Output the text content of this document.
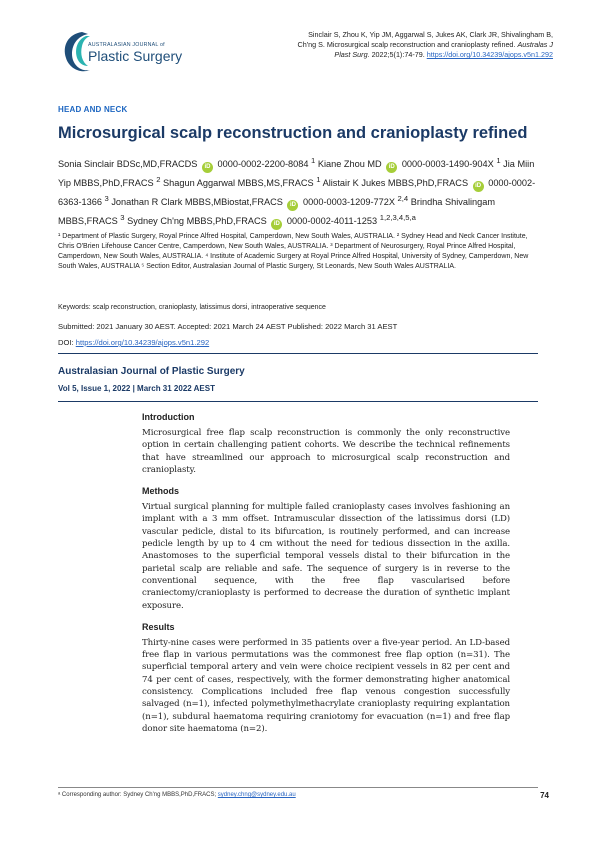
AUSTRALASIAN JOURNAL of
Plastic Surgery
Sinclair S, Zhou K, Yip JM, Aggarwal S, Jukes AK, Clark JR, Shivalingham B, Ch'ng S. Microsurgical scalp reconstruction and cranioplasty refined. Australas J Plast Surg. 2022;5(1):74-79. https://doi.org/10.34239/ajops.v5n1.292
HEAD AND NECK
Microsurgical scalp reconstruction and cranioplasty refined
Sonia Sinclair BDSc,MD,FRACDS iD 0000-0002-2200-8084 $^1$ Kiane Zhou MD iD 0000-0003-1490-904X $^1$ Jia Miin Yip MBBS,PhD,FRACS $^2$ Shagun Aggarwal MBBS,MS,FRACS $^1$ Alistair K Jukes MBBS,PhD,FRACS iD 0000-0002-6363-1366 $^3$ Jonathan R Clark MBBS,MBiostat,FRACS iD 0000-0003-1209-772X $^{2,4}$ Brindha Shivalingam MBBS,FRACS $^3$ Sydney Ch'ng MBBS,PhD,FRACS iD 0000-0002-4011-1253 $^{1,2,3,4,5,a}$
¹ Department of Plastic Surgery, Royal Prince Alfred Hospital, Camperdown, New South Wales, AUSTRALIA. ² Sydney Head and Neck Cancer Institute, Chris O'Brien Lifehouse Cancer Centre, Camperdown, New South Wales, AUSTRALIA. ³ Department of Neurosurgery, Royal Prince Alfred Hospital, Camperdown, New South Wales, AUSTRALIA. ⁴ Institute of Academic Surgery at Royal Prince Alfred Hospital, University of Sydney, Camperdown, New South Wales, AUSTRALIA ⁵ Section Editor, Australasian Journal of Plastic Surgery, St Leonards, New South Wales AUSTRALIA.
Keywords: scalp reconstruction, cranioplasty, latissimus dorsi, intraoperative sequence
Submitted: 2021 January 30 AEST. Accepted: 2021 March 24 AEST Published: 2022 March 31 AEST
DOI: https://doi.org/10.34239/ajops.v5n1.292
Australasian Journal of Plastic Surgery
Vol 5, Issue 1, 2022 | March 31 2022 AEST
Introduction

Microsurgical free flap scalp reconstruction is commonly the only reconstructive option in certain challenging patient cohorts. We describe the technical refinements that have streamlined our approach to microsurgical scalp reconstruction and cranioplasty.

Methods

Virtual surgical planning for multiple failed cranioplasty cases involves fashioning an implant with a 3 mm offset. Intramuscular dissection of the latissimus dorsi (LD) vascular pedicle, distal to its bifurcation, is routinely performed, and can increase pedicle length by up to 4 cm without the need for tedious dissection in the axilla. Anastomoses to the superficial temporal vessels distal to their bifurcation in the parietal scalp are reliable and safe. The sequence of surgery is in reverse to the conventional sequence, with the free flap vascularised before craniectomy/cranioplasty is performed to decrease the duration of synthetic implant exposure.

Results

Thirty-nine cases were performed in 35 patients over a five-year period. An LD-based free flap in various permutations was the commonest free flap option (n=31). The superficial temporal artery and vein were choice recipient vessels in 82 per cent and 74 per cent of cases, respectively, with the former demonstrating higher anatomical consistency. Complications included free flap venous congestion successfully salvaged (n=1), infected polymethylmethacrylate cranioplasty requiring explantation (n=1), subdural haematoma requiring craniotomy for evacuation (n=1) and free flap donor site haematoma (n=2).

ᵃ Corresponding author: Sydney Ch'ng MBBS,PhD,FRACS; sydney.chng@sydney.edu.au	74
